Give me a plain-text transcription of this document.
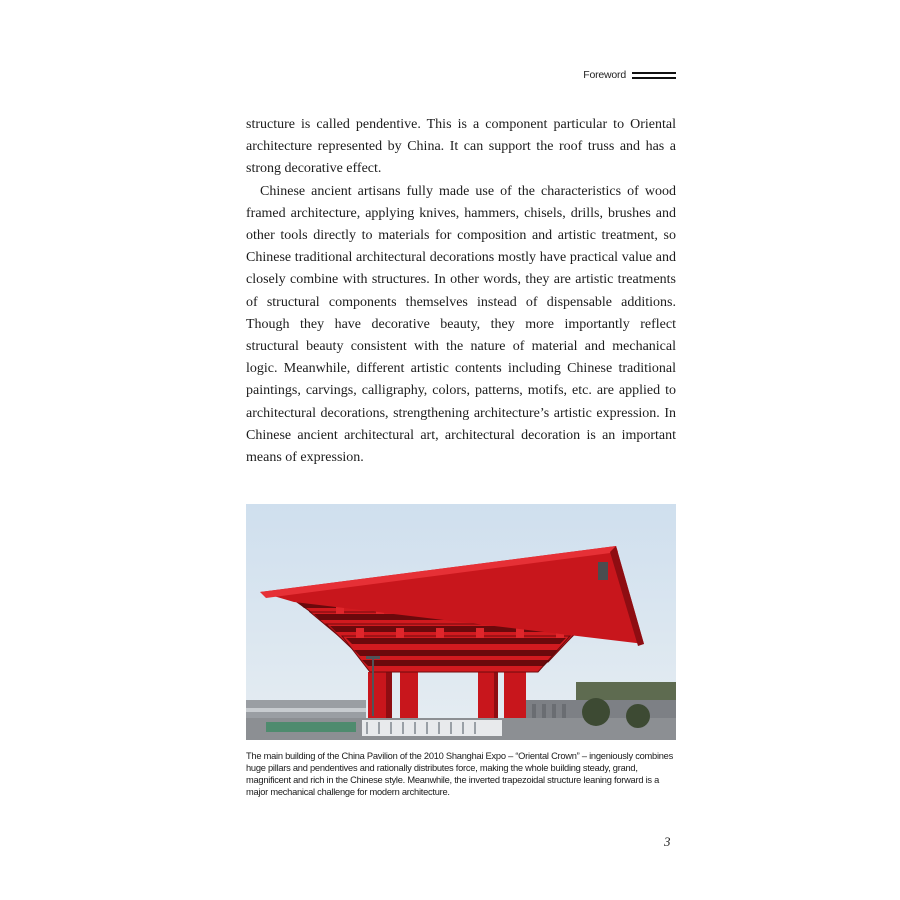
Foreword

structure is called pendentive. This is a component particular to Oriental architecture represented by China. It can support the roof truss and has a strong decorative effect.

Chinese ancient artisans fully made use of the characteristics of wood framed architecture, applying knives, hammers, chisels, drills, brushes and other tools directly to materials for composition and artistic treatment, so Chinese traditional architectural decorations mostly have practical value and closely combine with structures. In other words, they are artistic treatments of structural components themselves instead of dispensable additions. Though they have decorative beauty, they more importantly reflect structural beauty consistent with the nature of material and mechanical logic. Meanwhile, different artistic contents including Chinese traditional paintings, carvings, calligraphy, colors, patterns, motifs, etc. are applied to architectural decorations, strengthening architecture’s artistic expression. In Chinese ancient architectural art, architectural decoration is an important means of expression.

The main building of the China Pavilion of the 2010 Shanghai Expo – “Oriental Crown” – ingeniously combines huge pillars and pendentives and rationally distributes force, making the whole building steady, grand, magnificent and rich in the Chinese style. Meanwhile, the inverted trapezoidal structure leaning forward is a major mechanical challenge for modern architecture.
3
